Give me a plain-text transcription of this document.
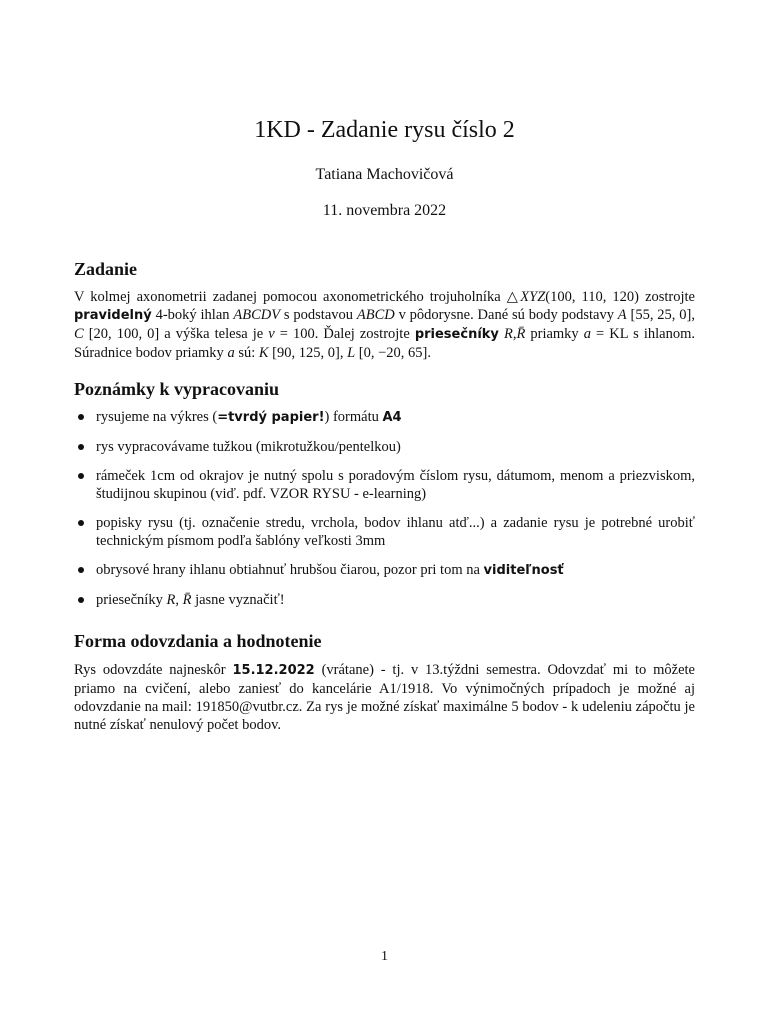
1KD - Zadanie rysu číslo 2
Tatiana Machovičová
11. novembra 2022
Zadanie

V kolmej axonometrii zadanej pomocou axonometrického trojuholníka △XYZ(100, 110, 120) zostrojte pravidelný 4-boký ihlan ABCDV s podstavou ABCD v pôdorysne. Dané sú body podstavy A [55, 25, 0], C [20, 100, 0] a výška telesa je v = 100. Ďalej zostrojte priesečníky R,R̄ priamky a = KL s ihlanom. Súradnice bodov priamky a sú: K [90, 125, 0], L [0, −20, 65].

Poznámky k vypracovaniu
rysujeme na výkres (=tvrdý papier!) formátu A4
rys vypracovávame tužkou (mikrotužkou/pentelkou)
rámeček 1cm od okrajov je nutný spolu s poradovým číslom rysu, dátumom, menom a priezviskom, študijnou skupinou (viď. pdf. VZOR RYSU - e-learning)
popisky rysu (tj. označenie stredu, vrchola, bodov ihlanu atď...) a zadanie rysu je potrebné urobiť technickým písmom podľa šablóny veľkosti 3mm
obrysové hrany ihlanu obtiahnuť hrubšou čiarou, pozor pri tom na viditeľnosť
priesečníky R, R̄ jasne vyznačiť!
Forma odovzdania a hodnotenie

Rys odovzdáte najneskôr 15.12.2022 (vrátane) - tj. v 13.týždni semestra. Odovzdať mi to môžete priamo na cvičení, alebo zaniesť do kancelárie A1/1918. Vo výnimočných prípadoch je možné aj odovzdanie na mail: 191850@vutbr.cz. Za rys je možné získať maximálne 5 bodov - k udeleniu zápočtu je nutné získať nenulový počet bodov.

1
